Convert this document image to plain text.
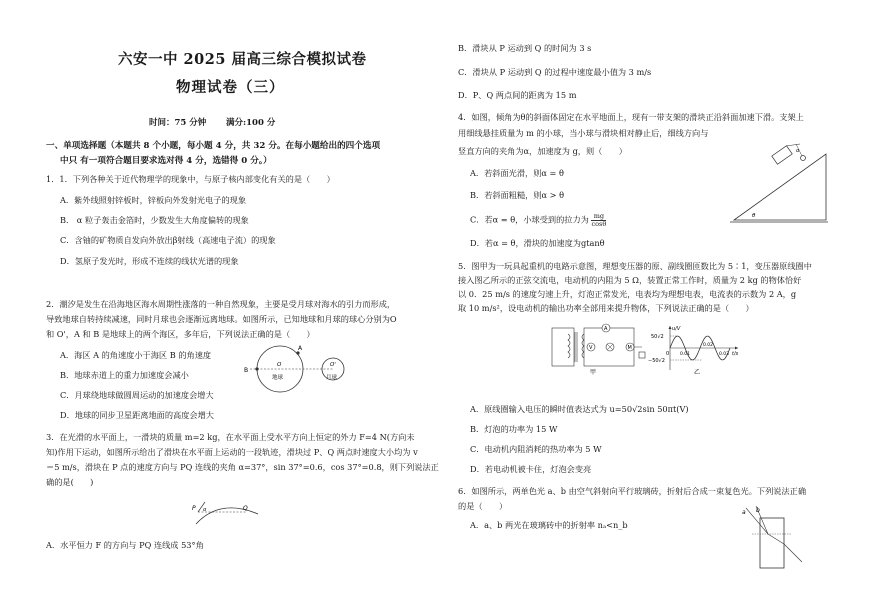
六安一中 2025 届高三综合模拟试卷
物理试卷（三）
时间：75 分钟 满分:100 分
一、单项选择题（本题共 8 个小题，每小题 4 分，共 32 分。在每小题给出的四个选项
中只 有一项符合题目要求选对得 4 分，选错得 0 分。）
1．1．下列各种关于近代物理学的现象中，与原子核内部变化有关的是（　　）
A．紫外线照射锌板时，锌板向外发射光电子的现象
B． α 粒子轰击金箔时，少数发生大角度偏转的现象
C．含铀的矿物质自发向外放出β射线（高速电子流）的现象
D．氢原子发光时，形成不连续的线状光谱的现象
2．潮汐是发生在沿海地区海水周期性涨落的一种自然现象，主要是受月球对海水的引力而形成，
导致地球自转持续减速，同时月球也会逐渐远离地球。如图所示，已知地球和月球的球心分别为O
和 O'，A 和 B 是地球上的两个海区，多年后，下列说法正确的是（　　）
A．海区 A 的角速度小于海区 B 的角速度
B．地球赤道上的重力加速度会减小
C．月球绕地球做圆周运动的加速度会增大
D．地球的同步卫星距离地面的高度会增大
A
B
O
地球
O'
月球
3．在光滑的水平面上，一滑块的质量 m=2 kg，在水平面上受水平方向上恒定的外力 F=4 N(方向未
知)作用下运动，如图所示给出了滑块在水平面上运动的一段轨迹，滑块过 P、Q 两点时速度大小均为 v
＝5 m/s，滑块在 P 点的速度方向与 PQ 连线的夹角 α=37°，sin 37°=0.6，cos 37°=0.8，则下列说法正
确的是(　　)
P	Q
α
A．水平恒力 F 的方向与 PQ 连线成 53°角
B．滑块从 P 运动到 Q 的时间为 3 s
C．滑块从 P 运动到 Q 的过程中速度最小值为 3 m/s
D．P、Q 两点间的距离为 15 m
4．如图，倾角为θ的斜面体固定在水平地面上，现有一带支架的滑块正沿斜面加速下滑。支架上
用细线悬挂质量为 m 的小球，当小球与滑块相对静止后，细线方向与
竖直方向的夹角为α，加速度为 g，则（　　）	α
θ
A．若斜面光滑，则α = θ
B．若斜面粗糙，则α > θ
C．若α = θ，小球受到的拉力为 $\frac{mg}{\cos\theta}$
D．若α = θ，滑块的加速度为gtanθ
5．图甲为一玩具起重机的电路示意图，理想变压器的原、副线圈匝数比为 5∶1，变压器原线圈中
接入图乙所示的正弦交流电，电动机的内阻为 5 Ω，装置正常工作时，质量为 2 kg 的物体恰好
以 0．25 m/s 的速度匀速上升，灯泡正常发光，电表均为理想电表，电流表的示数为 2 A，g
取 10 m/s²，设电动机的输出功率全部用来提升物体，下列说法正确的是（　　）
V
A
M
甲
u/V
50√2
−50√2
0 0.01
0.02
0.03 t/s
乙
A．原线圈输入电压的瞬时值表达式为 u=50√2sin 50πt(V)
B．灯泡的功率为 15 W
C．电动机内阻消耗的热功率为 5 W
D．若电动机被卡住，灯泡会变亮
6．如图所示，两单色光 a、b 由空气斜射向平行玻璃砖，折射后合成一束复色光。下列说法正确
的是（　　）
A．a、b 两光在玻璃砖中的折射率 nₐ<n_b
a b
